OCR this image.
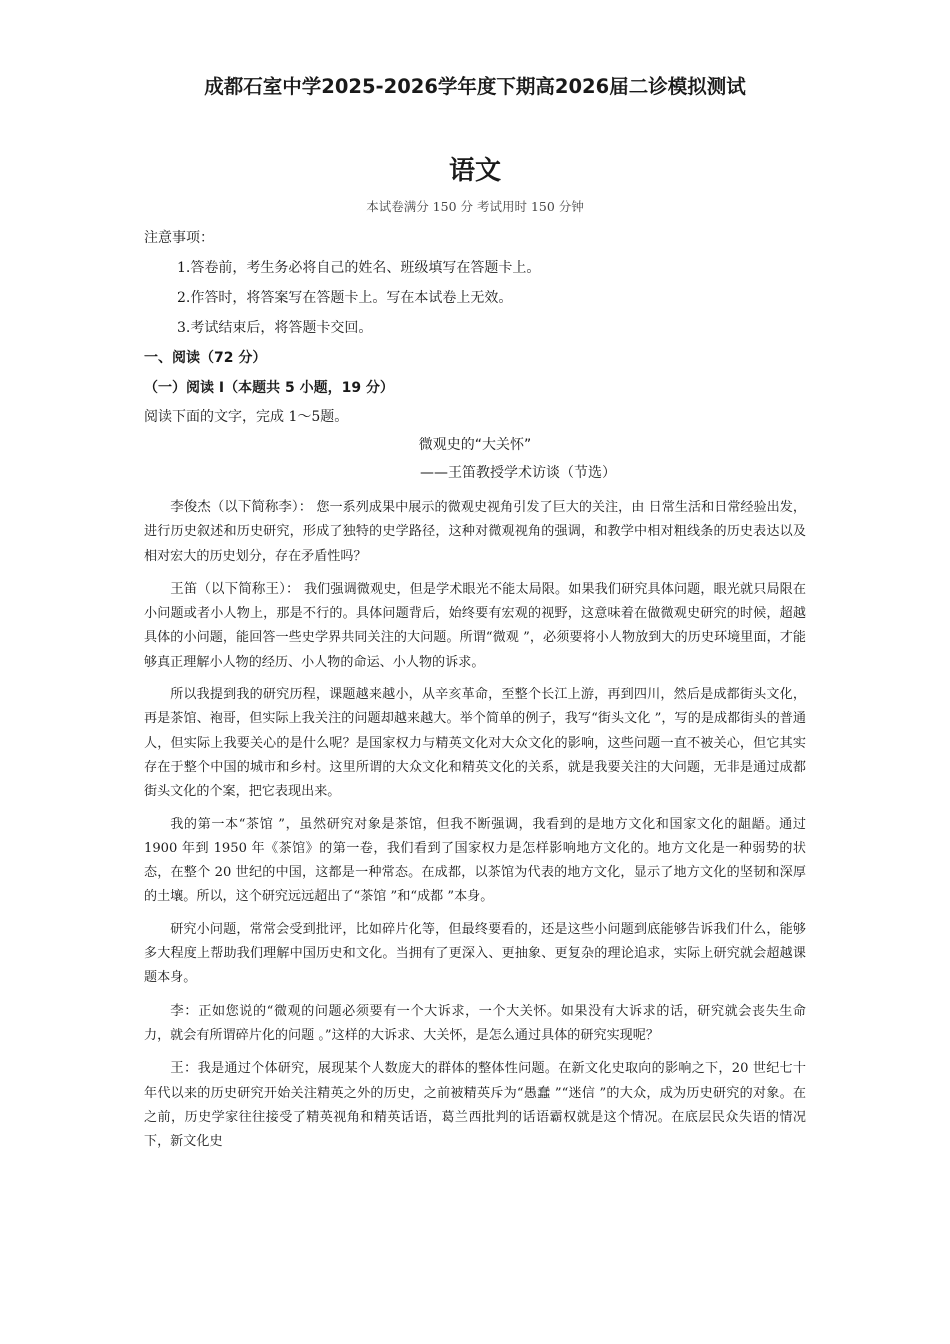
成都石室中学2025-2026学年度下期高2026届二诊模拟测试
语文
本试卷满分 150 分 考试用时 150 分钟
注意事项：
1.答卷前，考生务必将自己的姓名、班级填写在答题卡上。
2.作答时，将答案写在答题卡上。写在本试卷上无效。
3.考试结束后，将答题卡交回。
一、阅读（72 分）
（一）阅读 Ⅰ（本题共 5 小题，19 分）
阅读下面的文字，完成 1～5题。
微观史的“大关怀”
——王笛教授学术访谈（节选）

李俊杰（以下简称李）： 您一系列成果中展示的微观史视角引发了巨大的关注，由 日常生活和日常经验出发，进行历史叙述和历史研究，形成了独特的史学路径，这种对微观视角的强调，和教学中相对粗线条的历史表达以及相对宏大的历史划分，存在矛盾性吗？

王笛（以下简称王）： 我们强调微观史，但是学术眼光不能太局限。如果我们研究具体问题，眼光就只局限在小问题或者小人物上，那是不行的。具体问题背后，始终要有宏观的视野，这意味着在做微观史研究的时候，超越具体的小问题，能回答一些史学界共同关注的大问题。所谓“微观 ”，必须要将小人物放到大的历史环境里面，才能够真正理解小人物的经历、小人物的命运、小人物的诉求。

所以我提到我的研究历程，课题越来越小，从辛亥革命，至整个长江上游，再到四川，然后是成都街头文化，再是茶馆、袍哥，但实际上我关注的问题却越来越大。举个简单的例子，我写“街头文化 ”，写的是成都街头的普通人，但实际上我要关心的是什么呢？是国家权力与精英文化对大众文化的影响，这些问题一直不被关心，但它其实存在于整个中国的城市和乡村。这里所谓的大众文化和精英文化的关系，就是我要关注的大问题，无非是通过成都街头文化的个案，把它表现出来。

我的第一本“茶馆 ”，虽然研究对象是茶馆，但我不断强调，我看到的是地方文化和国家文化的龃龉。通过 1900 年到 1950 年《茶馆》的第一卷，我们看到了国家权力是怎样影响地方文化的。地方文化是一种弱势的状态，在整个 20 世纪的中国，这都是一种常态。在成都，以茶馆为代表的地方文化，显示了地方文化的坚韧和深厚的土壤。所以，这个研究远远超出了“茶馆 ”和“成都 ”本身。

研究小问题，常常会受到批评，比如碎片化等，但最终要看的，还是这些小问题到底能够告诉我们什么，能够多大程度上帮助我们理解中国历史和文化。当拥有了更深入、更抽象、更复杂的理论追求，实际上研究就会超越课题本身。

李：正如您说的“微观的问题必须要有一个大诉求，一个大关怀。如果没有大诉求的话，研究就会丧失生命力，就会有所谓碎片化的问题 。”这样的大诉求、大关怀，是怎么通过具体的研究实现呢？

王：我是通过个体研究，展现某个人数庞大的群体的整体性问题。在新文化史取向的影响之下，20 世纪七十年代以来的历史研究开始关注精英之外的历史，之前被精英斥为“愚蠢 ”“迷信 ”的大众，成为历史研究的对象。在之前，历史学家往往接受了精英视角和精英话语，葛兰西批判的话语霸权就是这个情况。在底层民众失语的情况下，新文化史
